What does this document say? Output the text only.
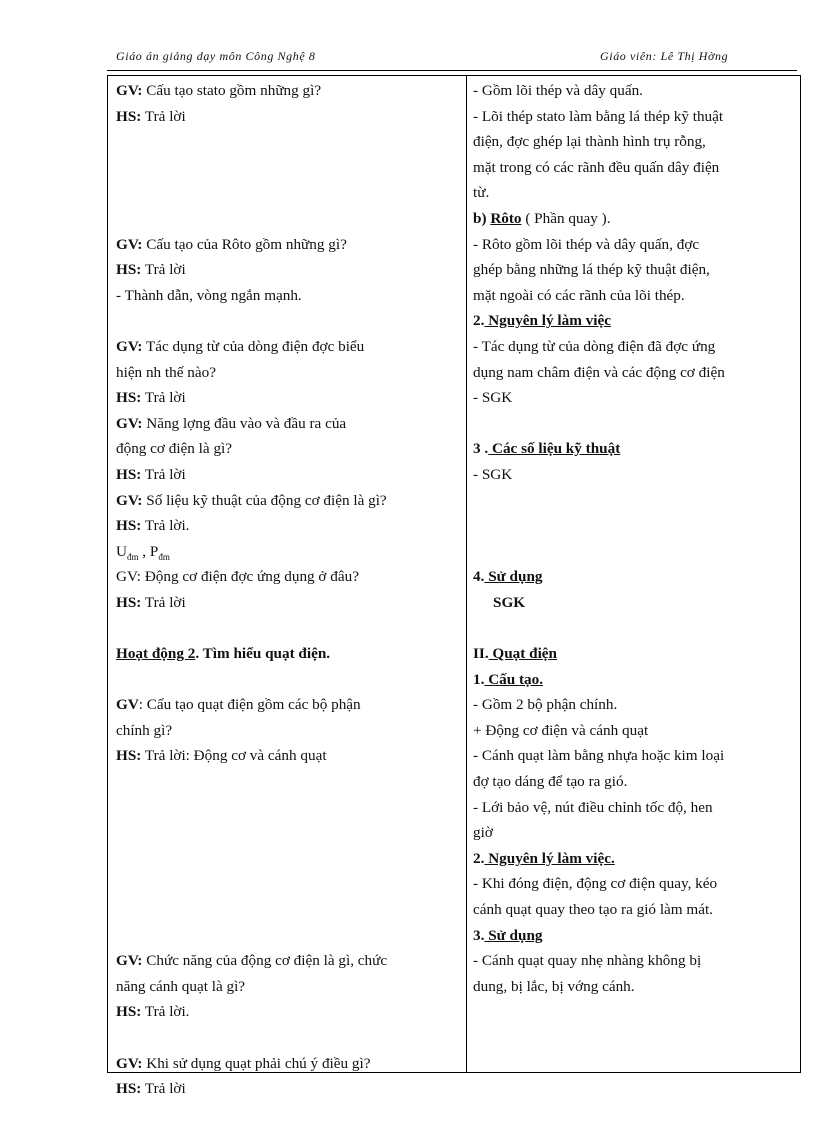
Giáo án giảng dạy môn Công Nghệ 8	Giáo viên: Lê Thị Hờng
GV: Cấu tạo stato gồm những gì?
HS: Trả lời
GV: Cấu tạo của Rôto gồm những gì?
HS: Trả lời
- Thành dẫn, vòng ngắn mạnh.
GV: Tác dụng từ của dòng điện đợc biểu
hiện nh thế nào?
HS: Trả lời
GV: Năng lợng đầu vào và đầu ra của
động cơ điện là gì?
HS: Trả lời
GV: Số liệu kỹ thuật của động cơ điện là gì?
HS: Trả lời.
$U_{đm}$ , $P_{đm}$
GV: Động cơ điện đợc ứng dụng ở đâu?
HS: Trả lời
Hoạt động 2. Tìm hiểu quạt điện.
GV: Cấu tạo quạt điện gồm các bộ phận
chính gì?
HS: Trả lời: Động cơ và cánh quạt
GV: Chức năng của động cơ điện là gì, chức
năng cánh quạt là gì?
HS: Trả lời.
GV: Khi sử dụng quạt phải chú ý điều gì?
HS: Trả lời
- Gồm lõi thép và dây quấn.
- Lõi thép stato làm bằng lá thép kỹ thuật
điện, đợc ghép lại thành hình trụ rỗng,
mặt trong có các rãnh đều quấn dây điện
từ.
b) Rôto ( Phần quay ).
- Rôto gồm lõi thép và dây quấn, đợc
ghép bằng những lá thép kỹ thuật điện,
mặt ngoài có các rãnh của lõi thép.
2. Nguyên lý làm việc
- Tác dụng từ của dòng điện đã đợc ứng
dụng nam châm điện và các động cơ điện
- SGK
3 . Các số liệu kỹ thuật
- SGK
4. Sử dụng
SGK
II. Quạt điện
1. Cấu tạo.
- Gồm 2 bộ phận chính.
+ Động cơ điện và cánh quạt
- Cánh quạt làm bằng nhựa hoặc kim loại
đợ tạo dáng để tạo ra gió.
- Lới bảo vệ, nút điều chỉnh tốc độ, hen
giờ
2. Nguyên lý làm việc.
- Khi đóng điện, động cơ điện quay, kéo
cánh quạt quay theo tạo ra gió làm mát.
3. Sử dụng
- Cánh quạt quay nhẹ nhàng không bị
dung, bị lắc, bị vớng cánh.
